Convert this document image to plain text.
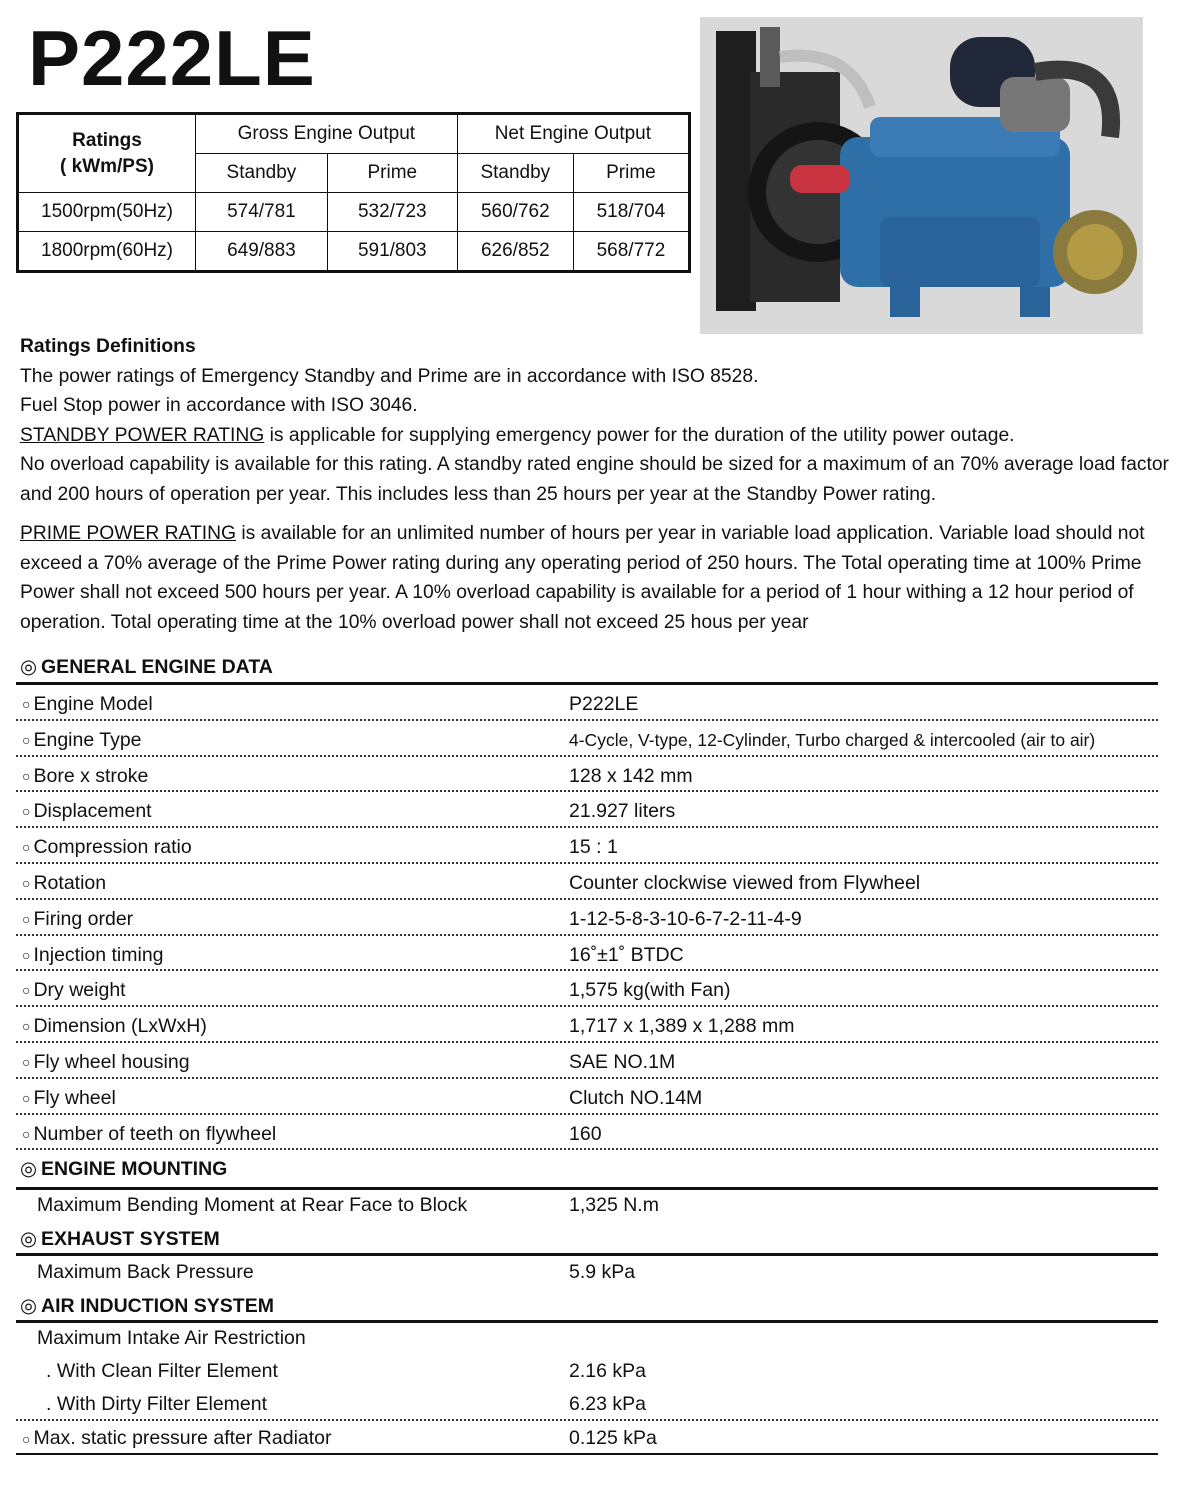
P222LE
Ratings
( kWm/PS)	Gross Engine Output		Net Engine Output	
	Standby	Prime	Standby	Prime
1500rpm(50Hz)	574/781	532/723	560/762	518/704
1800rpm(60Hz)	649/883	591/803	626/852	568/772

Ratings Definitions

The power ratings of Emergency Standby and Prime are in accordance with ISO 8528.

Fuel Stop power in accordance with ISO 3046.

STANDBY POWER RATING is applicable for supplying emergency power for the duration of the utility power outage.

No overload capability is available for this rating. A standby rated engine should be sized for a maximum of an 70% average load factor and 200 hours of operation per year. This includes less than 25 hours per year at the Standby Power rating.

PRIME POWER RATING is available for an unlimited number of hours per year in variable load application. Variable load should not exceed a 70% average of the Prime Power rating during any operating period of 250 hours. The Total operating time at 100% Prime Power shall not exceed 500 hours per year. A 10% overload capability is available for a period of 1 hour withing a 12 hour period of operation. Total operating time at the 10% overload power shall not exceed 25 hous per year

◎ GENERAL ENGINE DATA
○ Engine Model	P222LE
○ Engine Type	4-Cycle, V-type, 12-Cylinder, Turbo charged & intercooled (air to air)
○ Bore x stroke	128 x 142 mm
○ Displacement	21.927 liters
○ Compression ratio	15 : 1
○ Rotation	Counter clockwise viewed from Flywheel
○ Firing order	1-12-5-8-3-10-6-7-2-11-4-9
○ Injection timing	16˚±1˚ BTDC
○ Dry weight	1,575 kg(with Fan)
○ Dimension (LxWxH)	1,717 x 1,389 x 1,288 mm
○ Fly wheel housing	SAE NO.1M
○ Fly wheel	Clutch NO.14M
○ Number of teeth on flywheel	160
◎ ENGINE MOUNTING
Maximum Bending Moment at Rear Face to Block	1,325 N.m
◎ EXHAUST SYSTEM
Maximum Back Pressure	5.9 kPa
◎ AIR INDUCTION SYSTEM
Maximum Intake Air Restriction
. With Clean Filter Element	2.16 kPa
. With Dirty Filter Element	6.23 kPa
○ Max. static pressure after Radiator	0.125 kPa
